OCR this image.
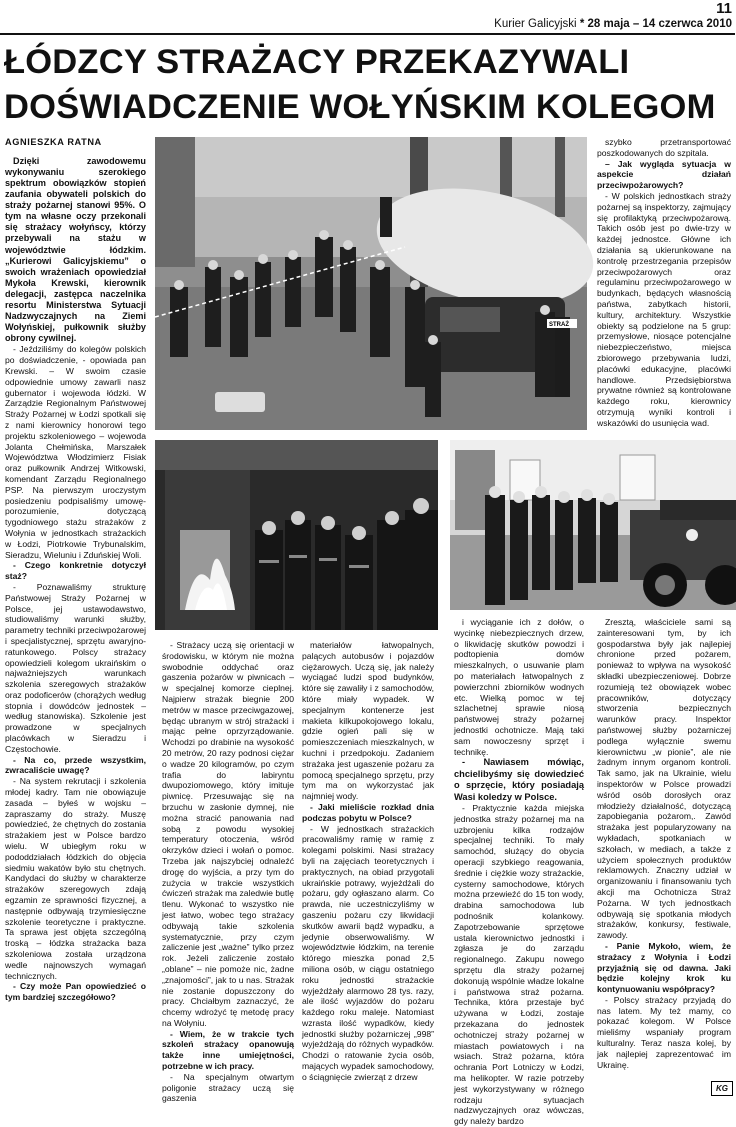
11
Kurier Galicyjski * 28 maja – 14 czerwca 2010
ŁÓDZCY STRAŻACY PRZEKAZYWALI
DOŚWIADCZENIE WOŁYŃSKIM KOLEGOM
STRAŻ

AGNIESZKA RATNA

Dzięki zawodowemu wykonywaniu szerokiego spektrum obowiązków stopień zaufania obywateli polskich do straży pożarnej stanowi 95%. O tym na własne oczy przekonali się strażacy wołyńscy, którzy przebywali na stażu w województwie łódzkim. „Kurierowi Galicyjskiemu” o swoich wrażeniach opowiedział Mykoła Krewski, kierownik delegacji, zastępca naczelnika resortu Ministerstwa Sytuacji Nadzwyczajnych na Ziemi Wołyńskiej, pułkownik służby obrony cywilnej.

- Jeździliśmy do kolegów polskich po doświadczenie, - opowiada pan Krewski. – W swoim czasie odpowiednie umowy zawarli nasz gubernator i wojewoda łódzki. W Zarządzie Regionalnym Państwowej Straży Pożarnej w Łodzi spotkali się z nami kierownicy honorowi tego projektu szkoleniowego – wojewoda Jolanta Chełmińska, Marszałek Województwa Włodzimierz Fisiak oraz pułkownik Andrzej Witkowski, komendant Zarządu Regionalnego PSP. Na pierwszym uroczystym posiedzeniu podpisaliśmy umowę-porozumienie, dotyczącą tygodniowego stażu strażaków z Wołynia w jednostkach strażackich w Łodzi, Piotrkowie Trybunalskim, Sieradzu, Wieluniu i Zduńskiej Woli.

- Czego konkretnie dotyczył staż?

- Poznawaliśmy strukturę Państwowej Straży Pożarnej w Polsce, jej ustawodawstwo, studiowaliśmy warunki służby, parametry techniki przeciwpożarowej i specjalistycznej, sprzętu awaryjno-ratunkowego. Polscy strażacy opowiedzieli kolegom ukraińskim o najważniejszych warunkach szkolenia szeregowych strażaków oraz podoficerów (chorążych według stopnia i dowódców jednostek – według stanowiska). Szkolenie jest prowadzone w specjalnych placówkach w Sieradzu i Częstochowie.

- Na co, przede wszystkim, zwracaliście uwagę?

- Na system rekrutacji i szkolenia młodej kadry. Tam nie obowiązuje zasada – byłeś w wojsku – zapraszamy do straży. Muszę powiedzieć, że chętnych do zostania strażakiem jest w Polsce bardzo wielu. W ubiegłym roku w pododdziałach łódzkich do objęcia siedmiu wakatów było stu chętnych. Kandydaci do służby w charakterze strażaków szeregowych zdają egzamin ze sprawności fizycznej, a następnie odbywają trzymiesięczne szkolenie teoretyczne i praktyczne. Ta sprawa jest objęta szczególną troską – łódzka strażacka baza szkoleniowa została urządzona wedle najnowszych wymagań technicznych.

- Czy może Pan opowiedzieć o tym bardziej szczegółowo?

- Strażacy uczą się orientacji w środowisku, w którym nie można swobodnie oddychać oraz gaszenia pożarów w piwnicach – w specjalnej komorze cieplnej. Najpierw strażak biegnie 200 metrów w masce przeciwgazowej, będąc ubranym w strój strażacki i mając pełne oprzyrządowanie. Wchodzi po drabinie na wysokość 20 metrów, 20 razy podnosi ciężar o wadze 20 kilogramów, po czym trafia do labiryntu dwupoziomowego, który imituje piwnicę. Przesuwając się na brzuchu w zasłonie dymnej, nie można stracić panowania nad sobą z powodu wysokiej temperatury otoczenia, wśród okrzyków dzieci i wołań o pomoc. Trzeba jak najszybciej odnaleźć drogę do wyjścia, a przy tym do zużycia w trakcie wszystkich ćwiczeń strażak ma zaledwie butlę tlenu. Wykonać to wszystko nie jest łatwo, wobec tego strażacy odbywają takie szkolenia systematycznie, przy czym zaliczenie jest „ważne” tylko przez rok. Jeżeli zaliczenie zostało „oblane” – nie pomoże nic, żadne „znajomości”, jak to u nas. Strażak nie zostanie dopuszczony do pracy. Chciałbym zaznaczyć, że chcemy wdrożyć tę metodę pracy na Wołyniu.

- Wiem, że w trakcie tych szkoleń strażacy opanowują także inne umiejętności, potrzebne w ich pracy.

- Na specjalnym otwartym poligonie strażacy uczą się gaszenia

materiałów łatwopalnych, palących autobusów i pojazdów ciężarowych. Uczą się, jak należy wyciągać ludzi spod budynków, które się zawaliły i z samochodów, które miały wypadek. W specjalnym kontenerze jest makieta kilkupokojowego lokalu, gdzie ogień pali się w pomieszczeniach mieszkalnych, w kuchni i przedpokoju. Zadaniem strażaka jest ugaszenie pożaru za pomocą specjalnego sprzętu, przy tym ma on wykorzystać jak najmniej wody.

- Jaki mieliście rozkład dnia podczas pobytu w Polsce?

- W jednostkach strażackich pracowaliśmy ramię w ramię z kolegami polskimi. Nasi strażacy byli na zajęciach teoretycznych i praktycznych, na obiad przygotali ukraińskie potrawy, wyjeżdżali do pożaru, gdy ogłaszano alarm. Co prawda, nie uczestniczyliśmy w gaszeniu pożaru czy likwidacji skutków awarii bądź wypadku, a jedynie obserwowaliśmy. W województwie łódzkim, na terenie którego mieszka ponad 2,5 miliona osób, w ciągu ostatniego roku jednostki strażackie wyjeżdżały alarmowo 28 tys. razy, ale ilość wyjazdów do pożaru każdego roku maleje. Natomiast wzrasta ilość wypadków, kiedy jednostki służby pożarniczej „998” wyjeżdżają do różnych wypadków. Chodzi o ratowanie życia osób, mających wypadek samochodowy, o ściągnięcie zwierząt z drzew

i wyciąganie ich z dołów, o wycinkę niebezpiecznych drzew, o likwidację skutków powodzi i podtopienia domów mieszkalnych, o usuwanie plam po materiałach łatwopalnych z powierzchni zbiorników wodnych etc. Wielką pomoc w tej szlachetnej sprawie niosą państwowej straży pożarnej jednostki ochotnicze. Mają taki sam nowoczesny sprzęt i technikę.

- Nawiasem mówiąc, chcielibyśmy się dowiedzieć o sprzęcie, który posiadają Wasi koledzy w Polsce.

- Praktycznie każda miejska jednostka straży pożarnej ma na uzbrojeniu kilka rodzajów specjalnej techniki. To mały samochód, służący do obycia operacji szybkiego reagowania, średnie i ciężkie wozy strażackie, cysterny samochodowe, których można przewieźć do 15 ton wody, drabina samochodowa lub podnośnik kolankowy. Zapotrzebowanie sprzętowe ustala kierownictwo jednostki i zgłasza je do zarządu regionalnego. Zakupu nowego sprzętu dla straży pożarnej dokonują wspólnie władze lokalne i państwowa straż pożarna. Technika, która przestaje być używana w Łodzi, zostaje przekazana do jednostek ochotniczej straży pożarnej w miastach powiatowych i na wsiach. Straż pożarna, która ochrania Port Lotniczy w Łodzi, ma helikopter. W razie potrzeby jest wykorzystywany w różnego rodzaju sytuacjach nadzwyczajnych oraz wówczas, gdy należy bardzo

szybko przetransportować poszkodowanych do szpitala.

– Jak wygląda sytuacja w aspekcie działań przeciwpożarowych?

- W polskich jednostkach straży pożarnej są inspektorzy, zajmujący się profilaktyką przeciwpożarową. Takich osób jest po dwie-trzy w każdej jednostce. Główne ich działania są ukierunkowane na kontrolę przestrzegania przepisów przeciwpożarowych oraz regulaminu przeciwpożarowego w budynkach, będących własnością państwa, zabytkach historii, kultury, architektury. Wszystkie obiekty są podzielone na 5 grup: przemysłowe, niosące potencjalne niebezpieczeństwo, miejsca zbiorowego przebywania ludzi, placówki edukacyjne, placówki handlowe. Przedsiębiorstwa prywatne również są kontrolowane każdego roku, kierownicy otrzymują wyniki kontroli i wskazówki do usunięcia wad.

Zresztą, właściciele sami są zainteresowani tym, by ich gospodarstwa były jak najlepiej chronione przed pożarem, ponieważ to wpływa na wysokość składki ubezpieczeniowej. Dobrze rozumieją też obowiązek wobec pracowników, dotyczący stworzenia bezpiecznych warunków pracy. Inspektor państwowej służby pożarniczej podlega wyłącznie swemu kierownictwu „w pionie”, ale nie żadnym innym organom kontroli. Tak samo, jak na Ukrainie, wielu inspektorów w Polsce prowadzi wśród osób dorosłych oraz młodzieży działalność, dotyczącą zapobiegania pożarom,. Zawód strażaka jest popularyzowany na wykładach, spotkaniach w szkołach, w mediach, a także z użyciem społecznych produktów reklamowych. Znaczny udział w organizowaniu i finansowaniu tych akcji ma Ochotnicza Straż Pożarna. W tych jednostkach odbywają się spotkania młodych strażaków, konkursy, festiwale, zawody.

- Panie Mykoło, wiem, że strażacy z Wołynia i Łodzi przyjaźnią się od dawna. Jaki będzie kolejny krok ku kontynuowaniu współpracy?

- Polscy strażacy przyjadą do nas latem. My też mamy, co pokazać kolegom. W Polsce mieliśmy wspaniały program kulturalny. Teraz nasza kolej, by jak najlepiej zaprezentować im Ukrainę.

KG
